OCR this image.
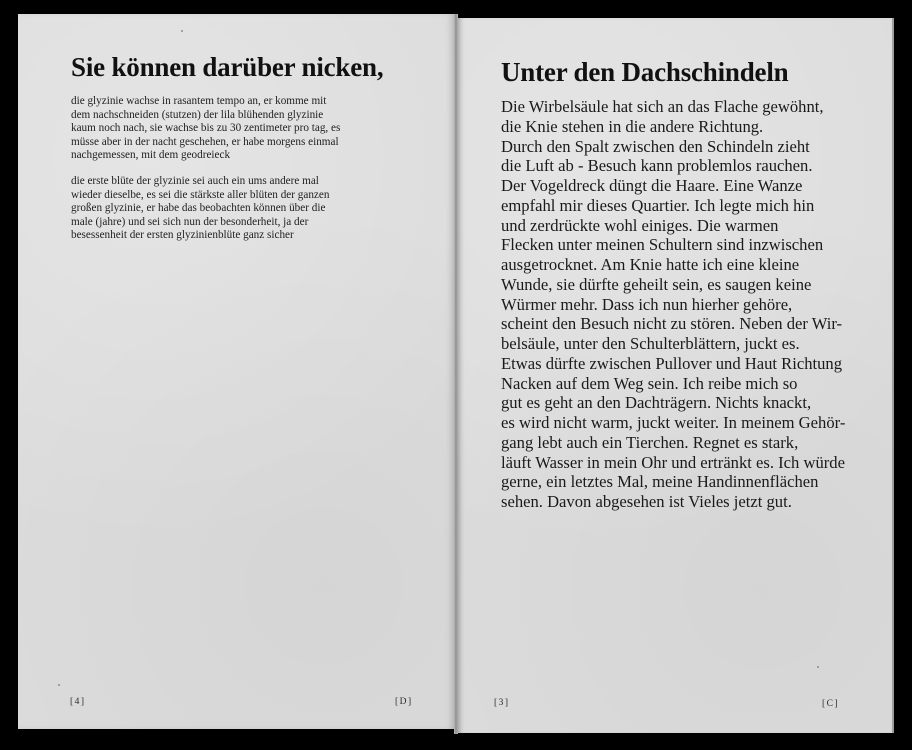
Sie können darüber nicken,
die glyzinie wachse in rasantem tempo an, er komme mit
dem nachschneiden (stutzen) der lila blühenden glyzinie
kaum noch nach, sie wachse bis zu 30 zentimeter pro tag, es
müsse aber in der nacht geschehen, er habe morgens einmal
nachgemessen, mit dem geodreieck
die erste blüte der glyzinie sei auch ein ums andere mal
wieder dieselbe, es sei die stärkste aller blüten der ganzen
großen glyzinie, er habe das beobachten können über die
male (jahre) und sei sich nun der besonderheit, ja der
besessenheit der ersten glyzinienblüte ganz sicher
[4]	[D]
Unter den Dachschindeln
Die Wirbelsäule hat sich an das Flache gewöhnt,
die Knie stehen in die andere Richtung.
Durch den Spalt zwischen den Schindeln zieht
die Luft ab - Besuch kann problemlos rauchen.
Der Vogeldreck düngt die Haare. Eine Wanze
empfahl mir dieses Quartier. Ich legte mich hin
und zerdrückte wohl einiges. Die warmen
Flecken unter meinen Schultern sind inzwischen
ausgetrocknet. Am Knie hatte ich eine kleine
Wunde, sie dürfte geheilt sein, es saugen keine
Würmer mehr. Dass ich nun hierher gehöre,
scheint den Besuch nicht zu stören. Neben der Wir-
belsäule, unter den Schulterblättern, juckt es.
Etwas dürfte zwischen Pullover und Haut Richtung
Nacken auf dem Weg sein. Ich reibe mich so
gut es geht an den Dachträgern. Nichts knackt,
es wird nicht warm, juckt weiter. In meinem Gehör-
gang lebt auch ein Tierchen. Regnet es stark,
läuft Wasser in mein Ohr und ertränkt es. Ich würde
gerne, ein letztes Mal, meine Handinnenflächen
sehen. Davon abgesehen ist Vieles jetzt gut.
[3]	[C]
